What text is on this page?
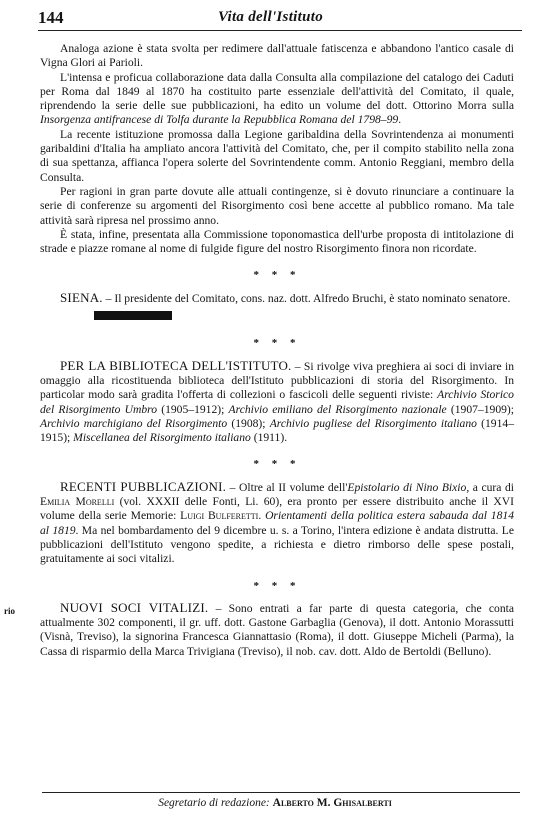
144	Vita dell'Istituto

Analoga azione è stata svolta per redimere dall'attuale fatiscenza e abbandono l'antico casale di Vigna Glori ai Parioli.

L'intensa e proficua collaborazione data dalla Consulta alla compilazione del catalogo dei Caduti per Roma dal 1849 al 1870 ha costituito parte essenziale dell'attività del Comitato, il quale, riprendendo la serie delle sue pubblicazioni, ha edito un volume del dott. Ottorino Morra sulla Insorgenza antifrancese di Tolfa durante la Repubblica Romana del 1798–99.

La recente istituzione promossa dalla Legione garibaldina della Sovrintendenza ai monumenti garibaldini d'Italia ha ampliato ancora l'attività del Comitato, che, per il compito stabilito nella zona di sua spettanza, affianca l'opera solerte del Sovrintendente comm. Antonio Reggiani, membro della Consulta.

Per ragioni in gran parte dovute alle attuali contingenze, si è dovuto rinunciare a continuare la serie di conferenze su argomenti del Risorgimento così bene accette al pubblico romano. Ma tale attività sarà ripresa nel prossimo anno.

È stata, infine, presentata alla Commissione toponomastica dell'urbe proposta di intitolazione di strade e piazze romane al nome di fulgide figure del nostro Risorgimento finora non ricordate.

* * *

SIENA. – Il presidente del Comitato, cons. naz. dott. Alfredo Bruchi, è stato nominato senatore.

* * *

PER LA BIBLIOTECA DELL'ISTITUTO. – Si rivolge viva preghiera ai soci di inviare in omaggio alla ricostituenda biblioteca dell'Istituto pubblicazioni di storia del Risorgimento. In particolar modo sarà gradita l'offerta di collezioni o fascicoli delle seguenti riviste: Archivio Storico del Risorgimento Umbro (1905–1912); Archivio emiliano del Risorgimento nazionale (1907–1909); Archivio marchigiano del Risorgimento (1908); Archivio pugliese del Risorgimento italiano (1914–1915); Miscellanea del Risorgimento italiano (1911).

* * *

RECENTI PUBBLICAZIONI. – Oltre al II volume dell'Epistolario di Nino Bixio, a cura di Emilia Morelli (vol. XXXII delle Fonti, Li. 60), era pronto per essere distribuito anche il XVI volume della serie Memorie: Luigi Bulferetti. Orientamenti della politica estera sabauda dal 1814 al 1819. Ma nel bombardamento del 9 dicembre u. s. a Torino, l'intera edizione è andata distrutta. Le pubblicazioni dell'Istituto vengono spedite, a richiesta e dietro rimborso delle spese postali, gratuitamente ai soci vitalizi.

* * *

NUOVI SOCI VITALIZI. – Sono entrati a far parte di questa categoria, che conta attualmente 302 componenti, il gr. uff. dott. Gastone Garbaglia (Genova), il dott. Antonio Morassutti (Visnà, Treviso), la signorina Francesca Giannattasio (Roma), il dott. Giuseppe Micheli (Parma), la Cassa di risparmio della Marca Trivigiana (Treviso), il nob. cav. dott. Aldo de Bertoldi (Belluno).

rio
Segretario di redazione: Alberto M. Ghisalberti
